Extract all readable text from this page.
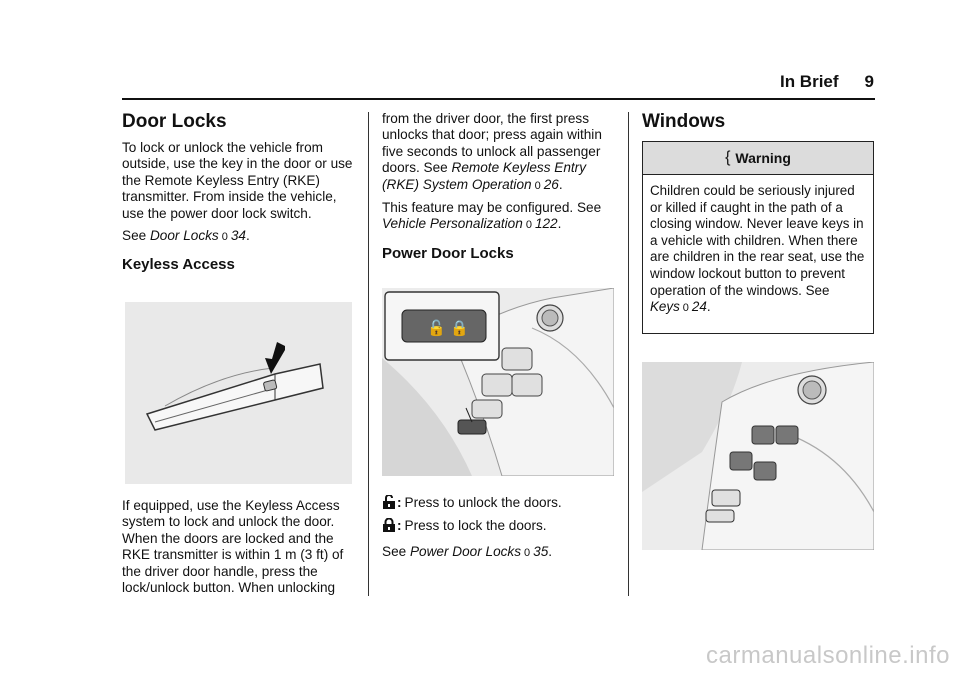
In Brief 9
Door Locks

To lock or unlock the vehicle from outside, use the key in the door or use the Remote Keyless Entry (RKE) transmitter. From inside the vehicle, use the power door lock switch.

See Door Locks 0 34.

Keyless Access

If equipped, use the Keyless Access system to lock and unlock the door. When the doors are locked and the RKE transmitter is within 1 m (3 ft) of the driver door handle, press the lock/unlock button. When unlocking

from the driver door, the first press unlocks that door; press again within five seconds to unlock all passenger doors. See Remote Keyless Entry (RKE) System Operation 0 26.

This feature may be configured. See Vehicle Personalization 0 122.

Power Door Locks
🔓 🔒

: Press to unlock the doors.

: Press to lock the doors.

See Power Door Locks 0 35.

Windows
{ Warning
Children could be seriously injured or killed if caught in the path of a closing window. Never leave keys in a vehicle with children. When there are children in the rear seat, use the window lockout button to prevent operation of the windows. See Keys 0 24.
carmanualsonline.info
